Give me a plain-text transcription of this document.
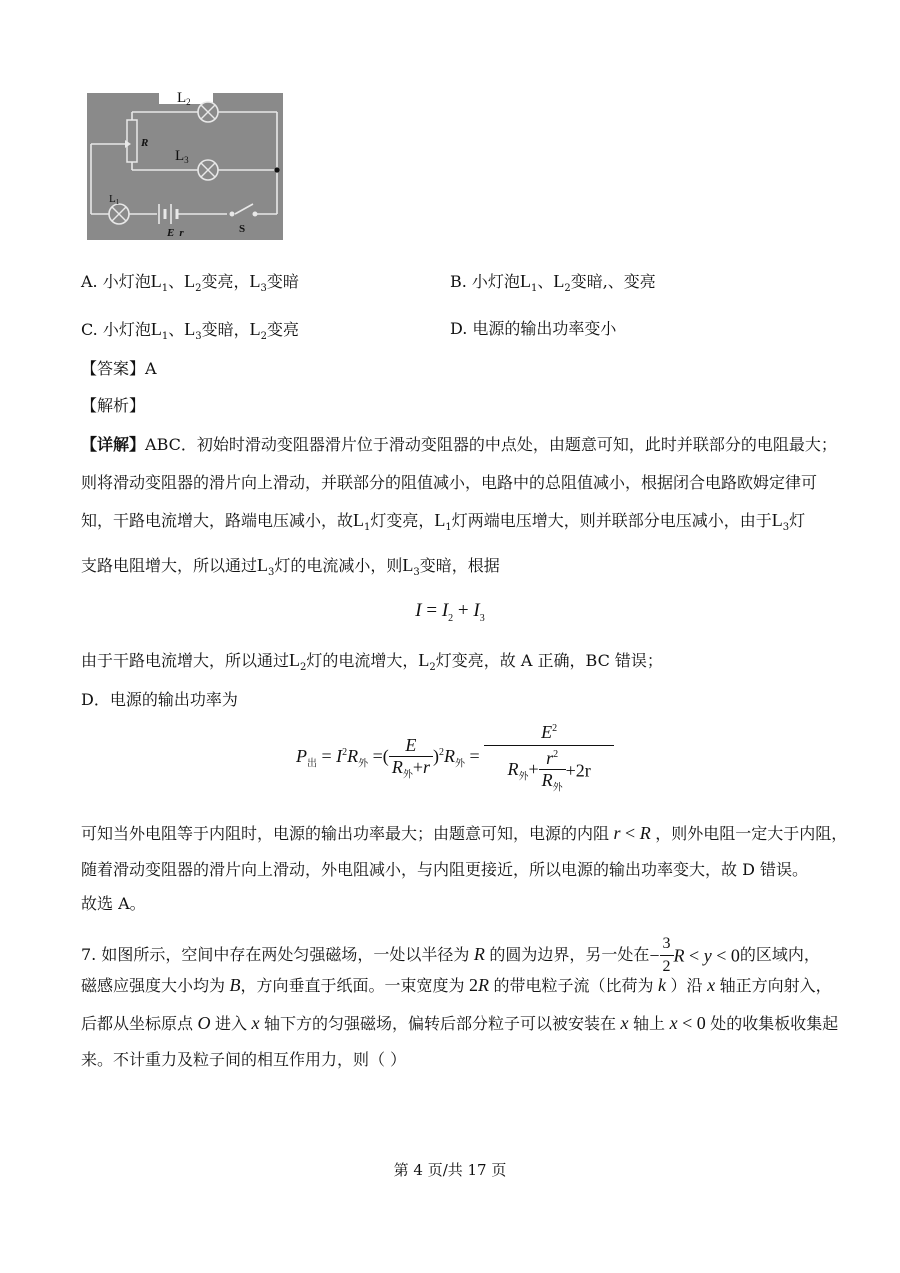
$L_2$
R
$L_3$
L1
E r	S
A. 小灯泡$L_1$、$L_2$变亮，$L_3$变暗	B. 小灯泡$L_1$、$L_2$变暗,、变亮
C. 小灯泡$L_1$、$L_3$变暗，$L_2$变亮	D. 电源的输出功率变小
【答案】A
【解析】
【详解】ABC．初始时滑动变阻器滑片位于滑动变阻器的中点处，由题意可知，此时并联部分的电阻最大；
则将滑动变阻器的滑片向上滑动，并联部分的阻值减小，电路中的总阻值减小，根据闭合电路欧姆定律可
知，干路电流增大，路端电压减小，故$L_1$灯变亮，$L_1$灯两端电压增大，则并联部分电压减小，由于$L_3$灯
支路电阻增大，所以通过$L_3$灯的电流减小，则$L_3$变暗，根据
$I = I_2 + I_3$
由于干路电流增大，所以通过$L_2$灯的电流增大，$L_2$灯变亮，故 A 正确，BC 错误；
D．电源的输出功率为
$P_出 = I^2R_外$ =( $\frac{E}{R_外+r} )^2R_外 = \frac{E^2}{R_外+ \frac{r^2}{R_外} +2r}$
可知当外电阻等于内阻时，电源的输出功率最大；由题意可知，电源的内阻 r < R ，则外电阻一定大于内阻，
随着滑动变阻器的滑片向上滑动，外电阻减小，与内阻更接近，所以电源的输出功率变大，故 D 错误。
故选 A。
7. 如图所示，空间中存在两处匀强磁场，一处以半径为 R 的圆为边界，另一处在− $\frac{3}{2}$ R < y < 0的区域内，
磁感应强度大小均为 B，方向垂直于纸面。一束宽度为 2R 的带电粒子流（比荷为 k ）沿 x 轴正方向射入，
后都从坐标原点 O 进入 x 轴下方的匀强磁场，偏转后部分粒子可以被安装在 x 轴上 x < 0 处的收集板收集起
来。不计重力及粒子间的相互作用力，则（ ）
第 4 页/共 17 页
